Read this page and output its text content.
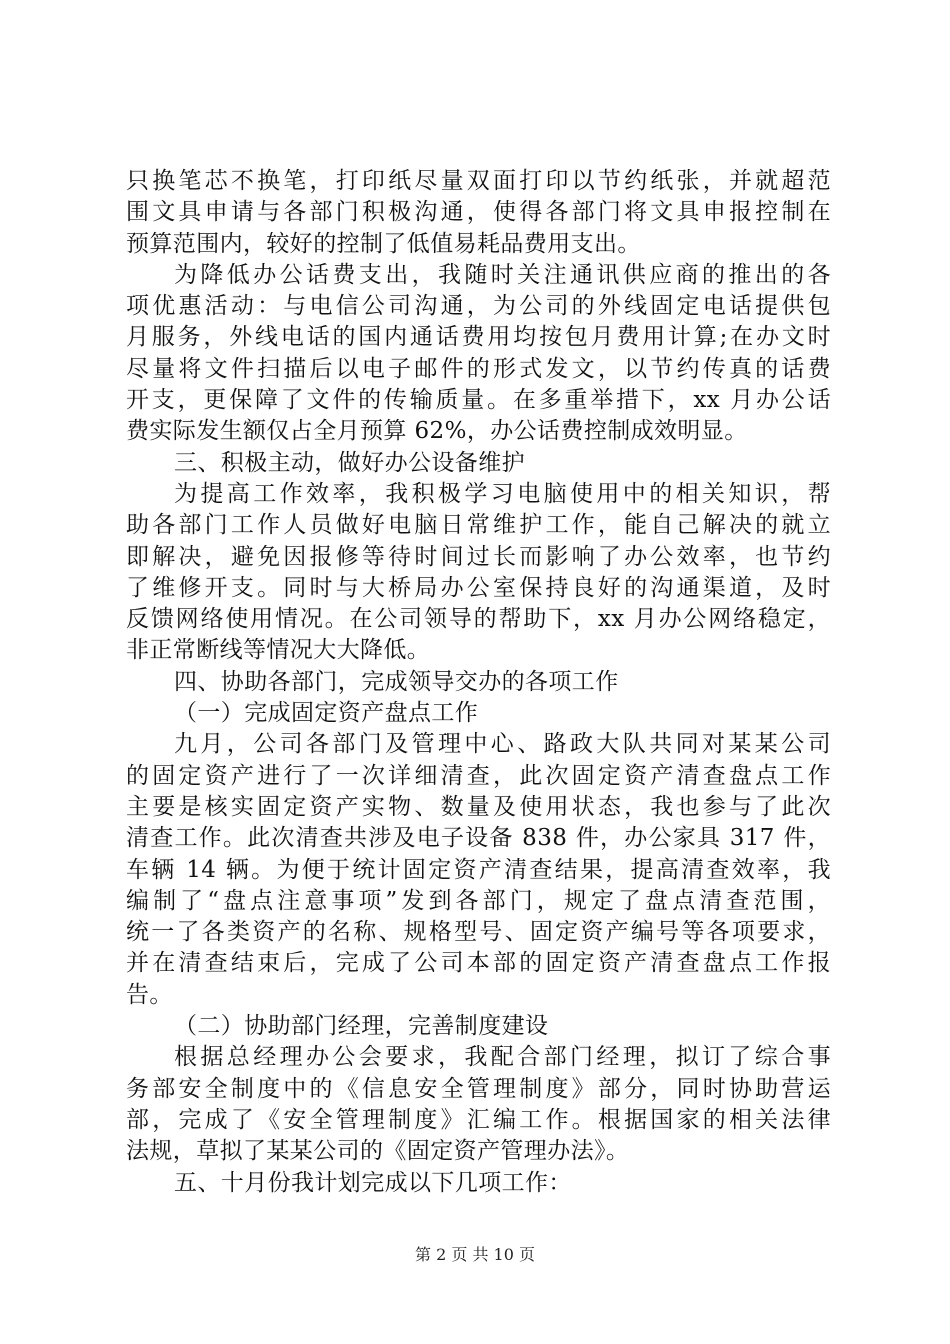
只换笔芯不换笔，打印纸尽量双面打印以节约纸张，并就超范
围文具申请与各部门积极沟通，使得各部门将文具申报控制在
预算范围内，较好的控制了低值易耗品费用支出。
为降低办公话费支出，我随时关注通讯供应商的推出的各
项优惠活动：与电信公司沟通，为公司的外线固定电话提供包
月服务，外线电话的国内通话费用均按包月费用计算;在办文时
尽量将文件扫描后以电子邮件的形式发文，以节约传真的话费
开支，更保障了文件的传输质量。在多重举措下，xx 月办公话
费实际发生额仅占全月预算 62%，办公话费控制成效明显。
三、积极主动，做好办公设备维护
为提高工作效率，我积极学习电脑使用中的相关知识，帮
助各部门工作人员做好电脑日常维护工作，能自己解决的就立
即解决，避免因报修等待时间过长而影响了办公效率，也节约
了维修开支。同时与大桥局办公室保持良好的沟通渠道，及时
反馈网络使用情况。在公司领导的帮助下，xx 月办公网络稳定，
非正常断线等情况大大降低。
四、协助各部门，完成领导交办的各项工作
（一）完成固定资产盘点工作
九月，公司各部门及管理中心、路政大队共同对某某公司
的固定资产进行了一次详细清查，此次固定资产清查盘点工作
主要是核实固定资产实物、数量及使用状态，我也参与了此次
清查工作。此次清查共涉及电子设备 838 件，办公家具 317 件，
车辆 14 辆。为便于统计固定资产清查结果，提高清查效率，我
编制了“盘点注意事项”发到各部门，规定了盘点清查范围，
统一了各类资产的名称、规格型号、固定资产编号等各项要求，
并在清查结束后，完成了公司本部的固定资产清查盘点工作报
告。
（二）协助部门经理，完善制度建设
根据总经理办公会要求，我配合部门经理，拟订了综合事
务部安全制度中的《信息安全管理制度》部分，同时协助营运
部，完成了《安全管理制度》汇编工作。根据国家的相关法律
法规，草拟了某某公司的《固定资产管理办法》。
五、十月份我计划完成以下几项工作：
第 2 页 共 10 页
